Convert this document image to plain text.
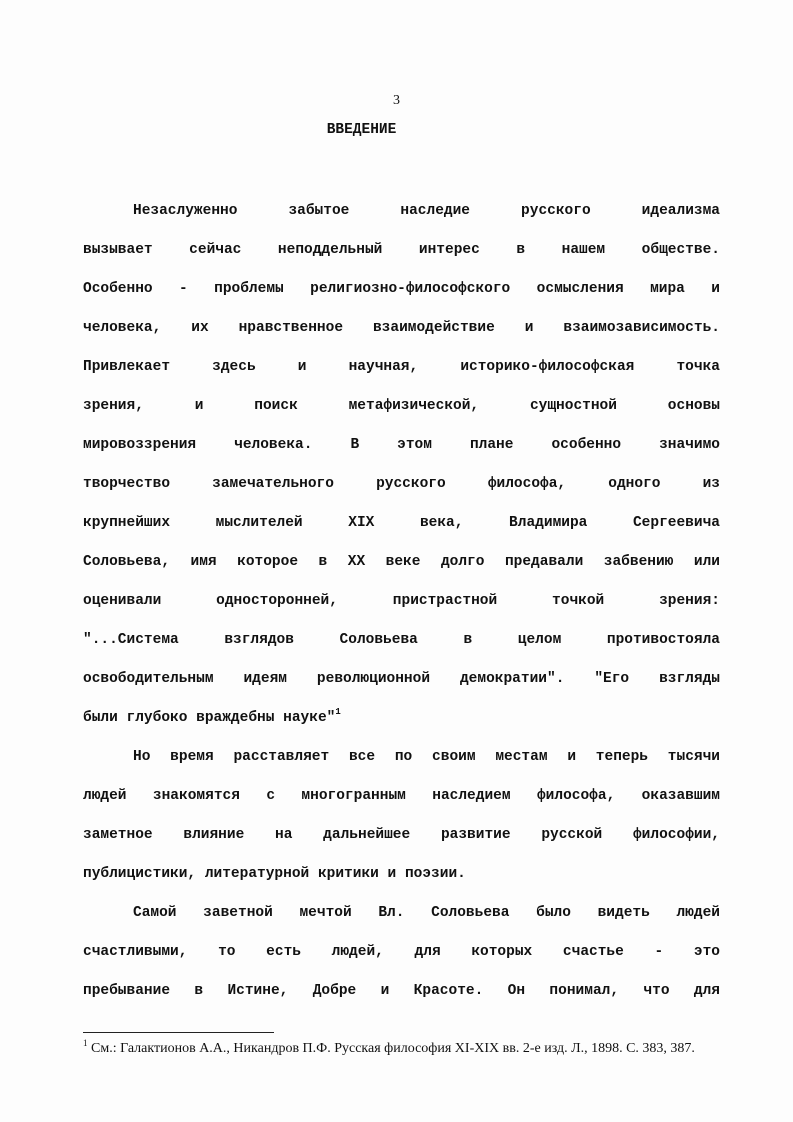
3
ВВЕДЕНИЕ
Незаслуженно забытое наследие русского идеализма
вызывает сейчас неподдельный интерес в нашем обществе.
Особенно - проблемы религиозно-философского осмысления мира и
человека, их нравственное взаимодействие и взаимозависимость.
Привлекает здесь и научная, историко-философская точка
зрения, и поиск метафизической, сущностной основы
мировоззрения человека. В этом плане особенно значимо
творчество замечательного русского философа, одного из
крупнейших мыслителей XIX века, Владимира Сергеевича
Соловьева, имя которое в XX веке долго предавали забвению или
оценивали односторонней, пристрастной точкой зрения:
"...Система взглядов Соловьева в целом противостояла
освободительным идеям революционной демократии". "Его взгляды
были глубоко враждебны науке"$^1$
Но время расставляет все по своим местам и теперь тысячи
людей знакомятся с многогранным наследием философа, оказавшим
заметное влияние на дальнейшее развитие русской философии,
публицистики, литературной критики и поэзии.
Самой заветной мечтой Вл. Соловьева было видеть людей
счастливыми, то есть людей, для которых счастье - это
пребывание в Истине, Добре и Красоте. Он понимал, что для
$^1$ См.: Галактионов А.А., Никандров П.Ф. Русская философия XI-XIX вв. 2-е изд. Л., 1898. С. 383, 387.
